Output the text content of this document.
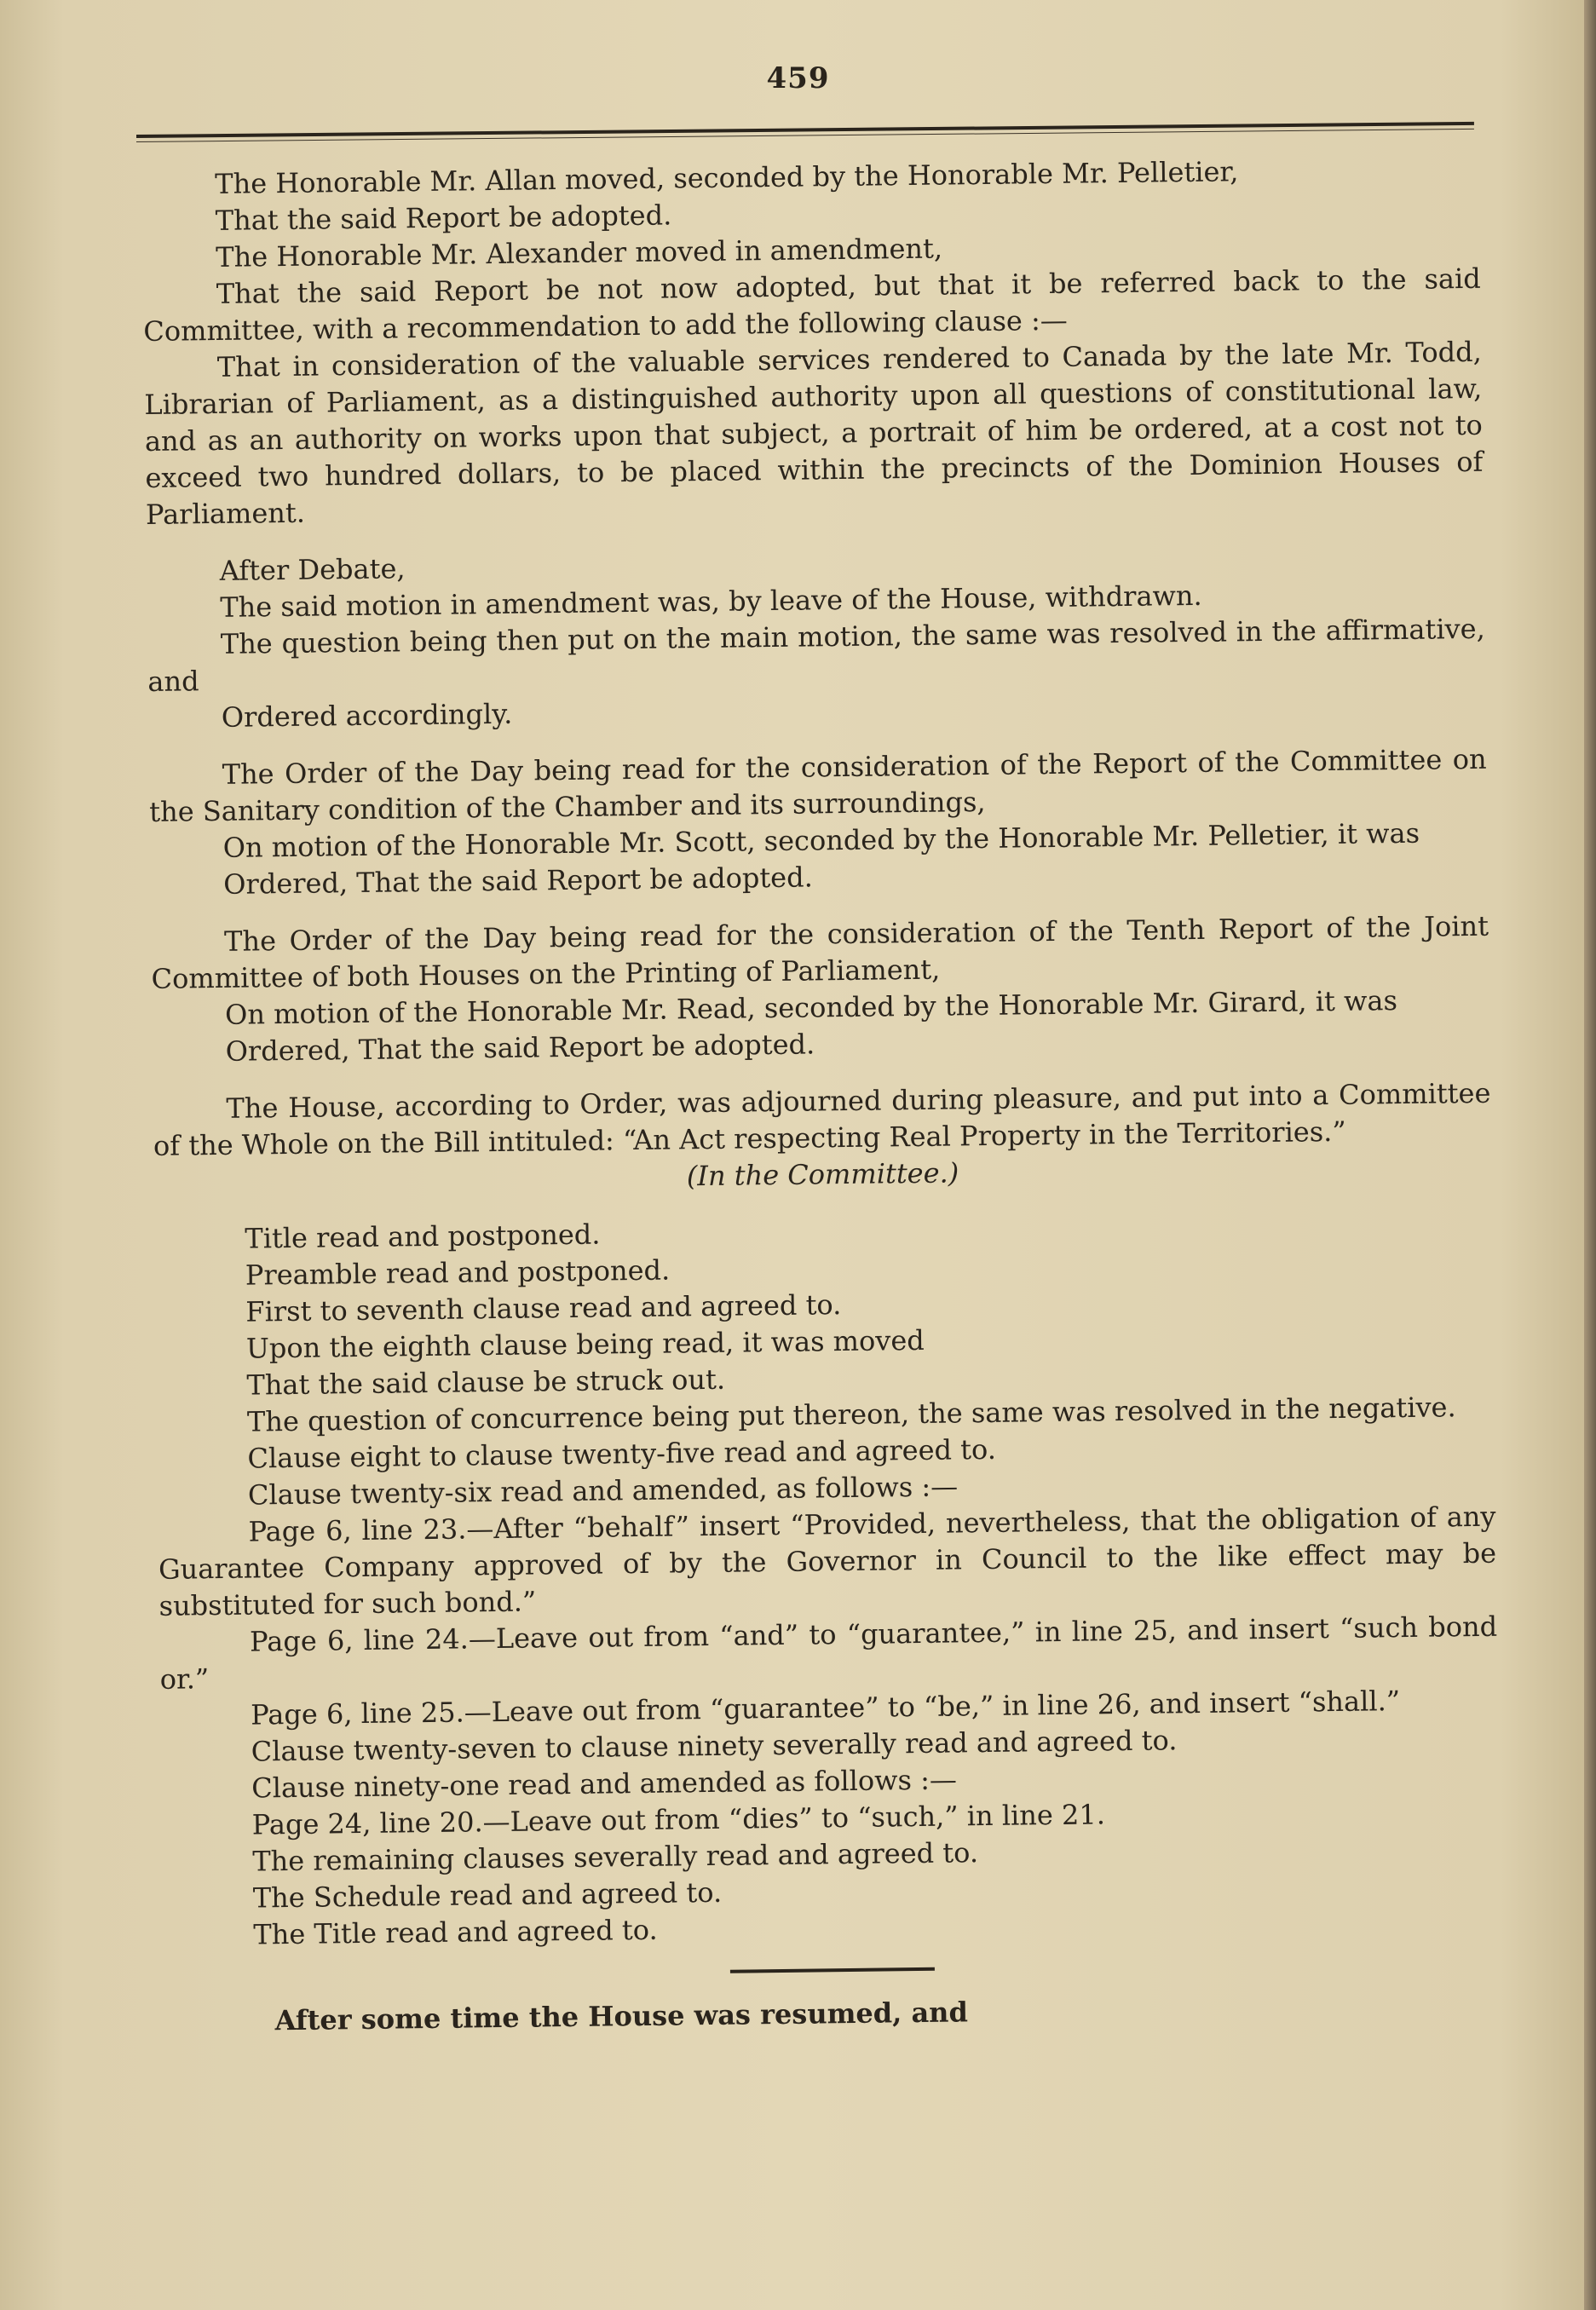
459

The Honorable Mr. Allan moved, seconded by the Honorable Mr. Pelletier,

That the said Report be adopted.

The Honorable Mr. Alexander moved in amendment,

That the said Report be not now adopted, but that it be referred back to the said Committee, with a recommendation to add the following clause :—

That in consideration of the valuable services rendered to Canada by the late Mr. Todd, Librarian of Parliament, as a distinguished authority upon all questions of constitutional law, and as an authority on works upon that subject, a portrait of him be ordered, at a cost not to exceed two hundred dollars, to be placed within the precincts of the Dominion Houses of Parliament.

After Debate,

The said motion in amendment was, by leave of the House, withdrawn.

The question being then put on the main motion, the same was resolved in the affirmative, and

Ordered accordingly.

The Order of the Day being read for the consideration of the Report of the Committee on the Sanitary condition of the Chamber and its surroundings,

On motion of the Honorable Mr. Scott, seconded by the Honorable Mr. Pelletier, it was

Ordered, That the said Report be adopted.

The Order of the Day being read for the consideration of the Tenth Report of the Joint Committee of both Houses on the Printing of Parliament,

On motion of the Honorable Mr. Read, seconded by the Honorable Mr. Girard, it was

Ordered, That the said Report be adopted.

The House, according to Order, was adjourned during pleasure, and put into a Committee of the Whole on the Bill intituled: “An Act respecting Real Property in the Territories.”

(In the Committee.)

Title read and postponed.

Preamble read and postponed.

First to seventh clause read and agreed to.

Upon the eighth clause being read, it was moved

That the said clause be struck out.

The question of concurrence being put thereon, the same was resolved in the negative.

Clause eight to clause twenty-five read and agreed to.

Clause twenty-six read and amended, as follows :—

Page 6, line 23.—After “behalf” insert “Provided, nevertheless, that the obligation of any Guarantee Company approved of by the Governor in Council to the like effect may be substituted for such bond.”

Page 6, line 24.—Leave out from “and” to “guarantee,” in line 25, and insert “such bond or.”

Page 6, line 25.—Leave out from “guarantee” to “be,” in line 26, and insert “shall.”

Clause twenty-seven to clause ninety severally read and agreed to.

Clause ninety-one read and amended as follows :—

Page 24, line 20.—Leave out from “dies” to “such,” in line 21.

The remaining clauses severally read and agreed to.

The Schedule read and agreed to.

The Title read and agreed to.

After some time the House was resumed, and
